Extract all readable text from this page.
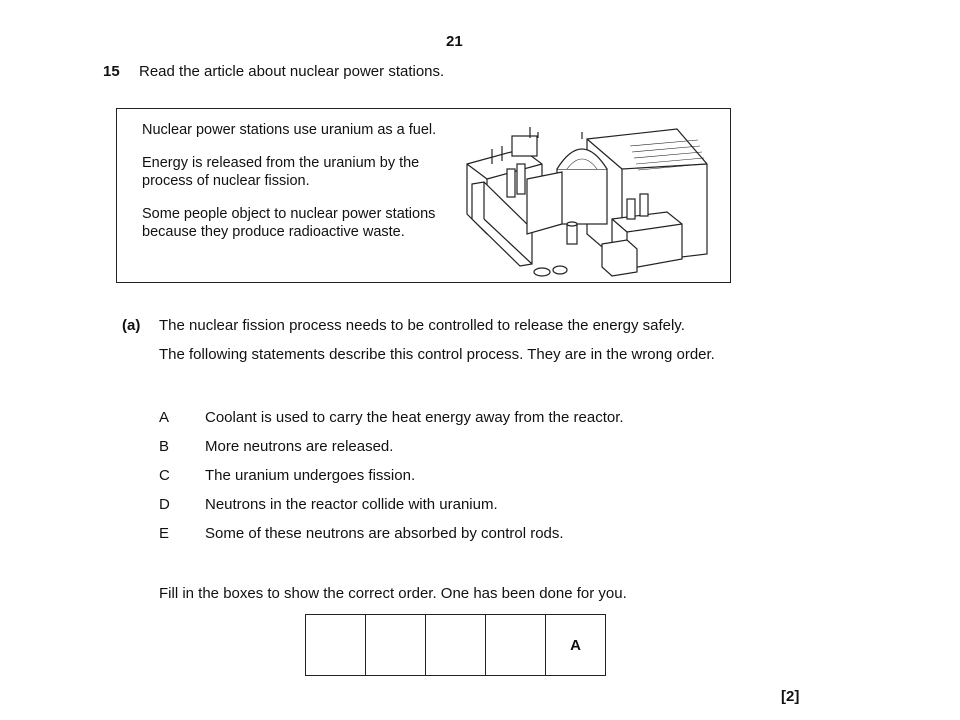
21
15 Read the article about nuclear power stations.
Nuclear power stations use uranium as a fuel.
Energy is released from the uranium by the process of nuclear fission.
Some people object to nuclear power stations because they produce radioactive waste.
(a) The nuclear fission process needs to be controlled to release the energy safely.
The following statements describe this control process. They are in the wrong order.
A Coolant is used to carry the heat energy away from the reactor.
B More neutrons are released.
C The uranium undergoes fission.
D Neutrons in the reactor collide with uranium.
E Some of these neutrons are absorbed by control rods.
Fill in the boxes to show the correct order. One has been done for you.
A
[2]
